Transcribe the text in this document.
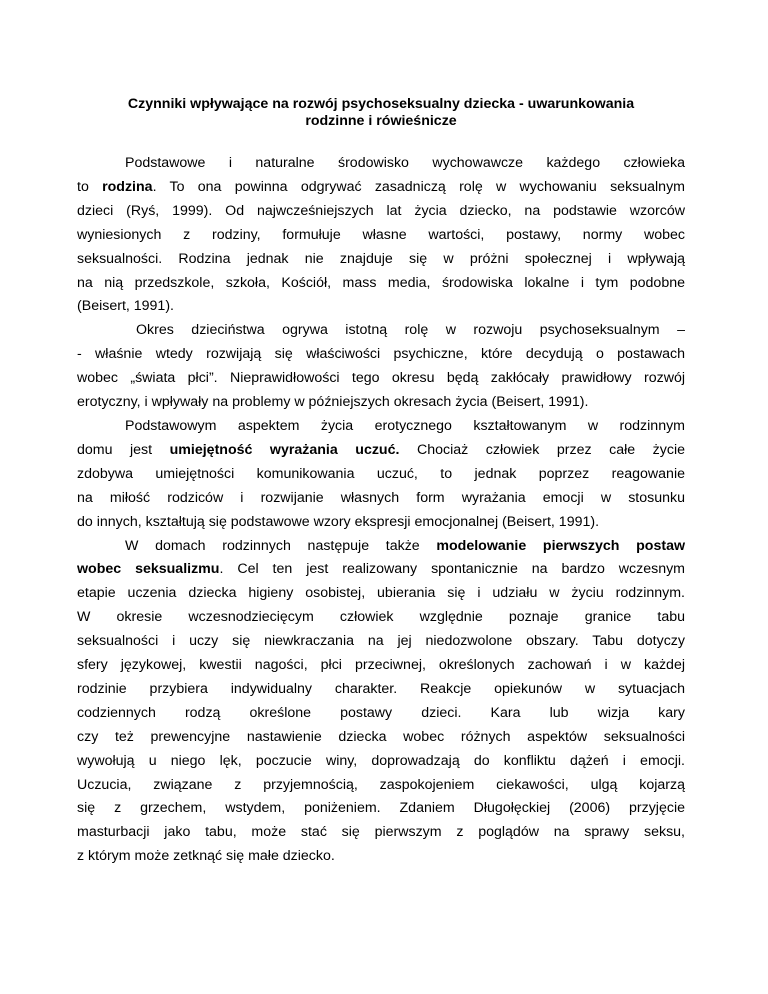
Czynniki wpływające na rozwój psychoseksualny dziecka - uwarunkowania
rodzinne i rówieśnicze
Podstawowe i naturalne środowisko wychowawcze każdego człowieka
to rodzina. To ona powinna odgrywać zasadniczą rolę w wychowaniu seksualnym
dzieci (Ryś, 1999). Od najwcześniejszych lat życia dziecko, na podstawie wzorców
wyniesionych z rodziny, formułuje własne wartości, postawy, normy wobec
seksualności. Rodzina jednak nie znajduje się w próżni społecznej i wpływają
na nią przedszkole, szkoła, Kościół, mass media, środowiska lokalne i tym podobne
(Beisert, 1991).
Okres dzieciństwa ogrywa istotną rolę w rozwoju psychoseksualnym –
- właśnie wtedy rozwijają się właściwości psychiczne, które decydują o postawach
wobec „świata płci”. Nieprawidłowości tego okresu będą zakłócały prawidłowy rozwój
erotyczny, i wpływały na problemy w późniejszych okresach życia (Beisert, 1991).
Podstawowym aspektem życia erotycznego kształtowanym w rodzinnym
domu jest umiejętność wyrażania uczuć. Chociaż człowiek przez całe życie
zdobywa umiejętności komunikowania uczuć, to jednak poprzez reagowanie
na miłość rodziców i rozwijanie własnych form wyrażania emocji w stosunku
do innych, kształtują się podstawowe wzory ekspresji emocjonalnej (Beisert, 1991).
W domach rodzinnych następuje także modelowanie pierwszych postaw
wobec seksualizmu. Cel ten jest realizowany spontanicznie na bardzo wczesnym
etapie uczenia dziecka higieny osobistej, ubierania się i udziału w życiu rodzinnym.
W okresie wczesnodziecięcym człowiek względnie poznaje granice tabu
seksualności i uczy się niewkraczania na jej niedozwolone obszary. Tabu dotyczy
sfery językowej, kwestii nagości, płci przeciwnej, określonych zachowań i w każdej
rodzinie przybiera indywidualny charakter. Reakcje opiekunów w sytuacjach
codziennych rodzą określone postawy dzieci. Kara lub wizja kary
czy też prewencyjne nastawienie dziecka wobec różnych aspektów seksualności
wywołują u niego lęk, poczucie winy, doprowadzają do konfliktu dążeń i emocji.
Uczucia, związane z przyjemnością, zaspokojeniem ciekawości, ulgą kojarzą
się z grzechem, wstydem, poniżeniem. Zdaniem Długołęckiej (2006) przyjęcie
masturbacji jako tabu, może stać się pierwszym z poglądów na sprawy seksu,
z którym może zetknąć się małe dziecko.
